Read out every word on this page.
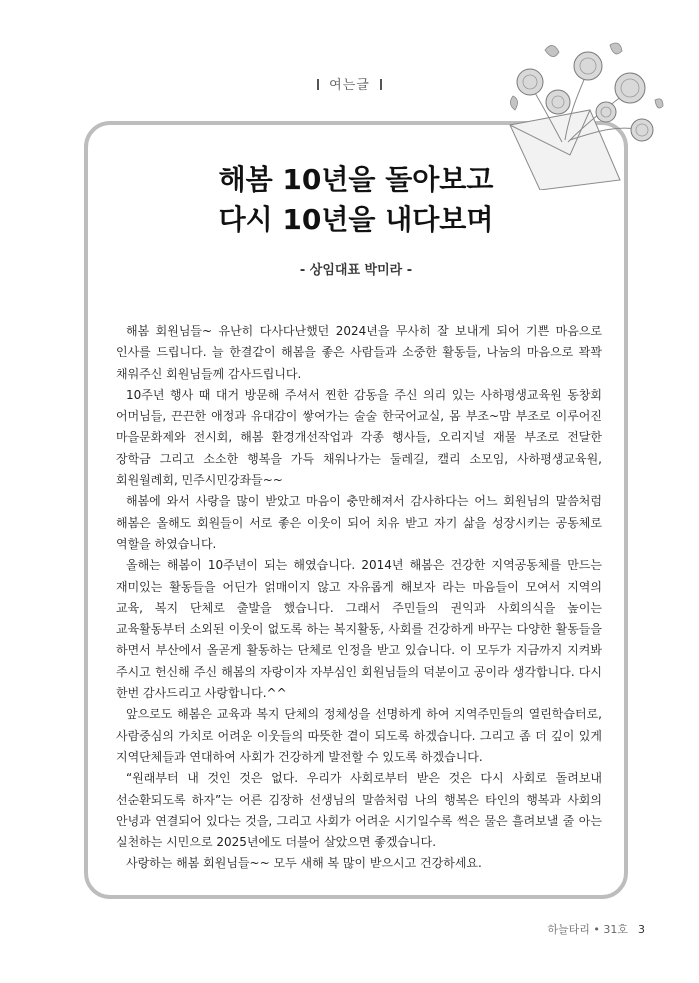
여는글
해봄 10년을 돌아보고
다시 10년을 내다보며
- 상임대표 박미라 -

해봄 회원님들~ 유난히 다사다난했던 2024년을 무사히 잘 보내게 되어 기쁜 마음으로 인사를 드립니다. 늘 한결같이 해봄을 좋은 사람들과 소중한 활동들, 나눔의 마음으로 꽉꽉 채워주신 회원님들께 감사드립니다.

10주년 행사 때 대거 방문해 주셔서 찐한 감동을 주신 의리 있는 사하평생교육원 동창회 어머님들, 끈끈한 애정과 유대감이 쌓여가는 술술 한국어교실, 몸 부조~맘 부조로 이루어진 마을문화제와 전시회, 해봄 환경개선작업과 각종 행사들, 오리지널 재물 부조로 전달한 장학금 그리고 소소한 행복을 가득 채워나가는 둘레길, 캘리 소모임, 사하평생교육원, 회원월례회, 민주시민강좌들~~

해봄에 와서 사랑을 많이 받았고 마음이 충만해져서 감사하다는 어느 회원님의 말씀처럼 해봄은 올해도 회원들이 서로 좋은 이웃이 되어 치유 받고 자기 삶을 성장시키는 공동체로 역할을 하였습니다.

올해는 해봄이 10주년이 되는 해였습니다. 2014년 해봄은 건강한 지역공동체를 만드는 재미있는 활동들을 어딘가 얽매이지 않고 자유롭게 해보자 라는 마음들이 모여서 지역의 교육, 복지 단체로 출발을 했습니다. 그래서 주민들의 권익과 사회의식을 높이는 교육활동부터 소외된 이웃이 없도록 하는 복지활동, 사회를 건강하게 바꾸는 다양한 활동들을 하면서 부산에서 올곧게 활동하는 단체로 인정을 받고 있습니다. 이 모두가 지금까지 지켜봐 주시고 헌신해 주신 해봄의 자랑이자 자부심인 회원님들의 덕분이고 공이라 생각합니다. 다시 한번 감사드리고 사랑합니다.^^

앞으로도 해봄은 교육과 복지 단체의 정체성을 선명하게 하여 지역주민들의 열린학습터로, 사람중심의 가치로 어려운 이웃들의 따뜻한 곁이 되도록 하겠습니다. 그리고 좀 더 깊이 있게 지역단체들과 연대하여 사회가 건강하게 발전할 수 있도록 하겠습니다.

“원래부터 내 것인 것은 없다. 우리가 사회로부터 받은 것은 다시 사회로 돌려보내 선순환되도록 하자”는 어른 김장하 선생님의 말씀처럼 나의 행복은 타인의 행복과 사회의 안녕과 연결되어 있다는 것을, 그리고 사회가 어려운 시기일수록 썩은 물은 흘려보낼 줄 아는 실천하는 시민으로 2025년에도 더불어 살았으면 좋겠습니다.

사랑하는 해봄 회원님들~~ 모두 새해 복 많이 받으시고 건강하세요.

하늘타리 • 31호 3
